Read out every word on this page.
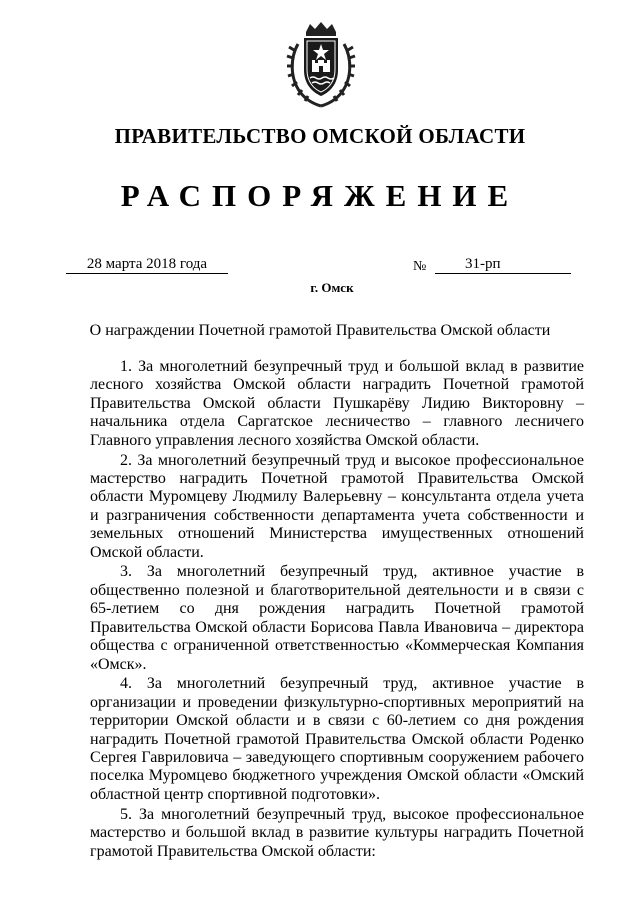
ПРАВИТЕЛЬСТВО ОМСКОЙ ОБЛАСТИ
РАСПОРЯЖЕНИЕ
28 марта 2018 года	№	31-рп
г. Омск
О награждении Почетной грамотой Правительства Омской области

1. За многолетний безупречный труд и большой вклад в развитие лесного хозяйства Омской области наградить Почетной грамотой Правительства Омской области Пушкарёву Лидию Викторовну – начальника отдела Саргатское лесничество – главного лесничего Главного управления лесного хозяйства Омской области.

2. За многолетний безупречный труд и высокое профессиональное мастерство наградить Почетной грамотой Правительства Омской области Муромцеву Людмилу Валерьевну – консультанта отдела учета и разграничения собственности департамента учета собственности и земельных отношений Министерства имущественных отношений Омской области.

3. За многолетний безупречный труд, активное участие в общественно полезной и благотворительной деятельности и в связи с 65-летием со дня рождения наградить Почетной грамотой Правительства Омской области Борисова Павла Ивановича – директора общества с ограниченной ответственностью «Коммерческая Компания «Омск».

4. За многолетний безупречный труд, активное участие в организации и проведении физкультурно-спортивных мероприятий на территории Омской области и в связи с 60-летием со дня рождения наградить Почетной грамотой Правительства Омской области Роденко Сергея Гавриловича – заведующего спортивным сооружением рабочего поселка Муромцево бюджетного учреждения Омской области «Омский областной центр спортивной подготовки».

5. За многолетний безупречный труд, высокое профессиональное мастерство и большой вклад в развитие культуры наградить Почетной грамотой Правительства Омской области:
